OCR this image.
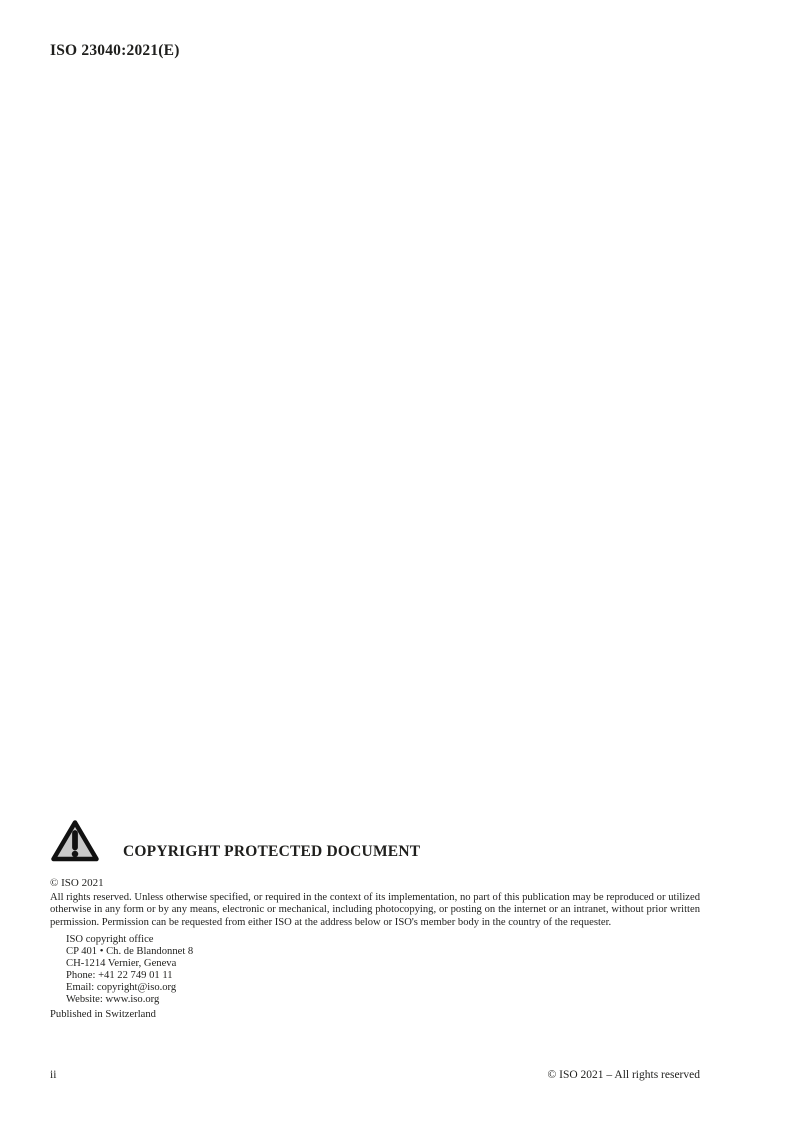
ISO 23040:2021(E)
COPYRIGHT PROTECTED DOCUMENT
© ISO 2021
All rights reserved. Unless otherwise specified, or required in the context of its implementation, no part of this publication may be reproduced or utilized otherwise in any form or by any means, electronic or mechanical, including photocopying, or posting on the internet or an intranet, without prior written permission. Permission can be requested from either ISO at the address below or ISO's member body in the country of the requester.
ISO copyright office
CP 401 • Ch. de Blandonnet 8
CH-1214 Vernier, Geneva
Phone: +41 22 749 01 11
Email: copyright@iso.org
Website: www.iso.org
Published in Switzerland
ii	© ISO 2021 – All rights reserved
